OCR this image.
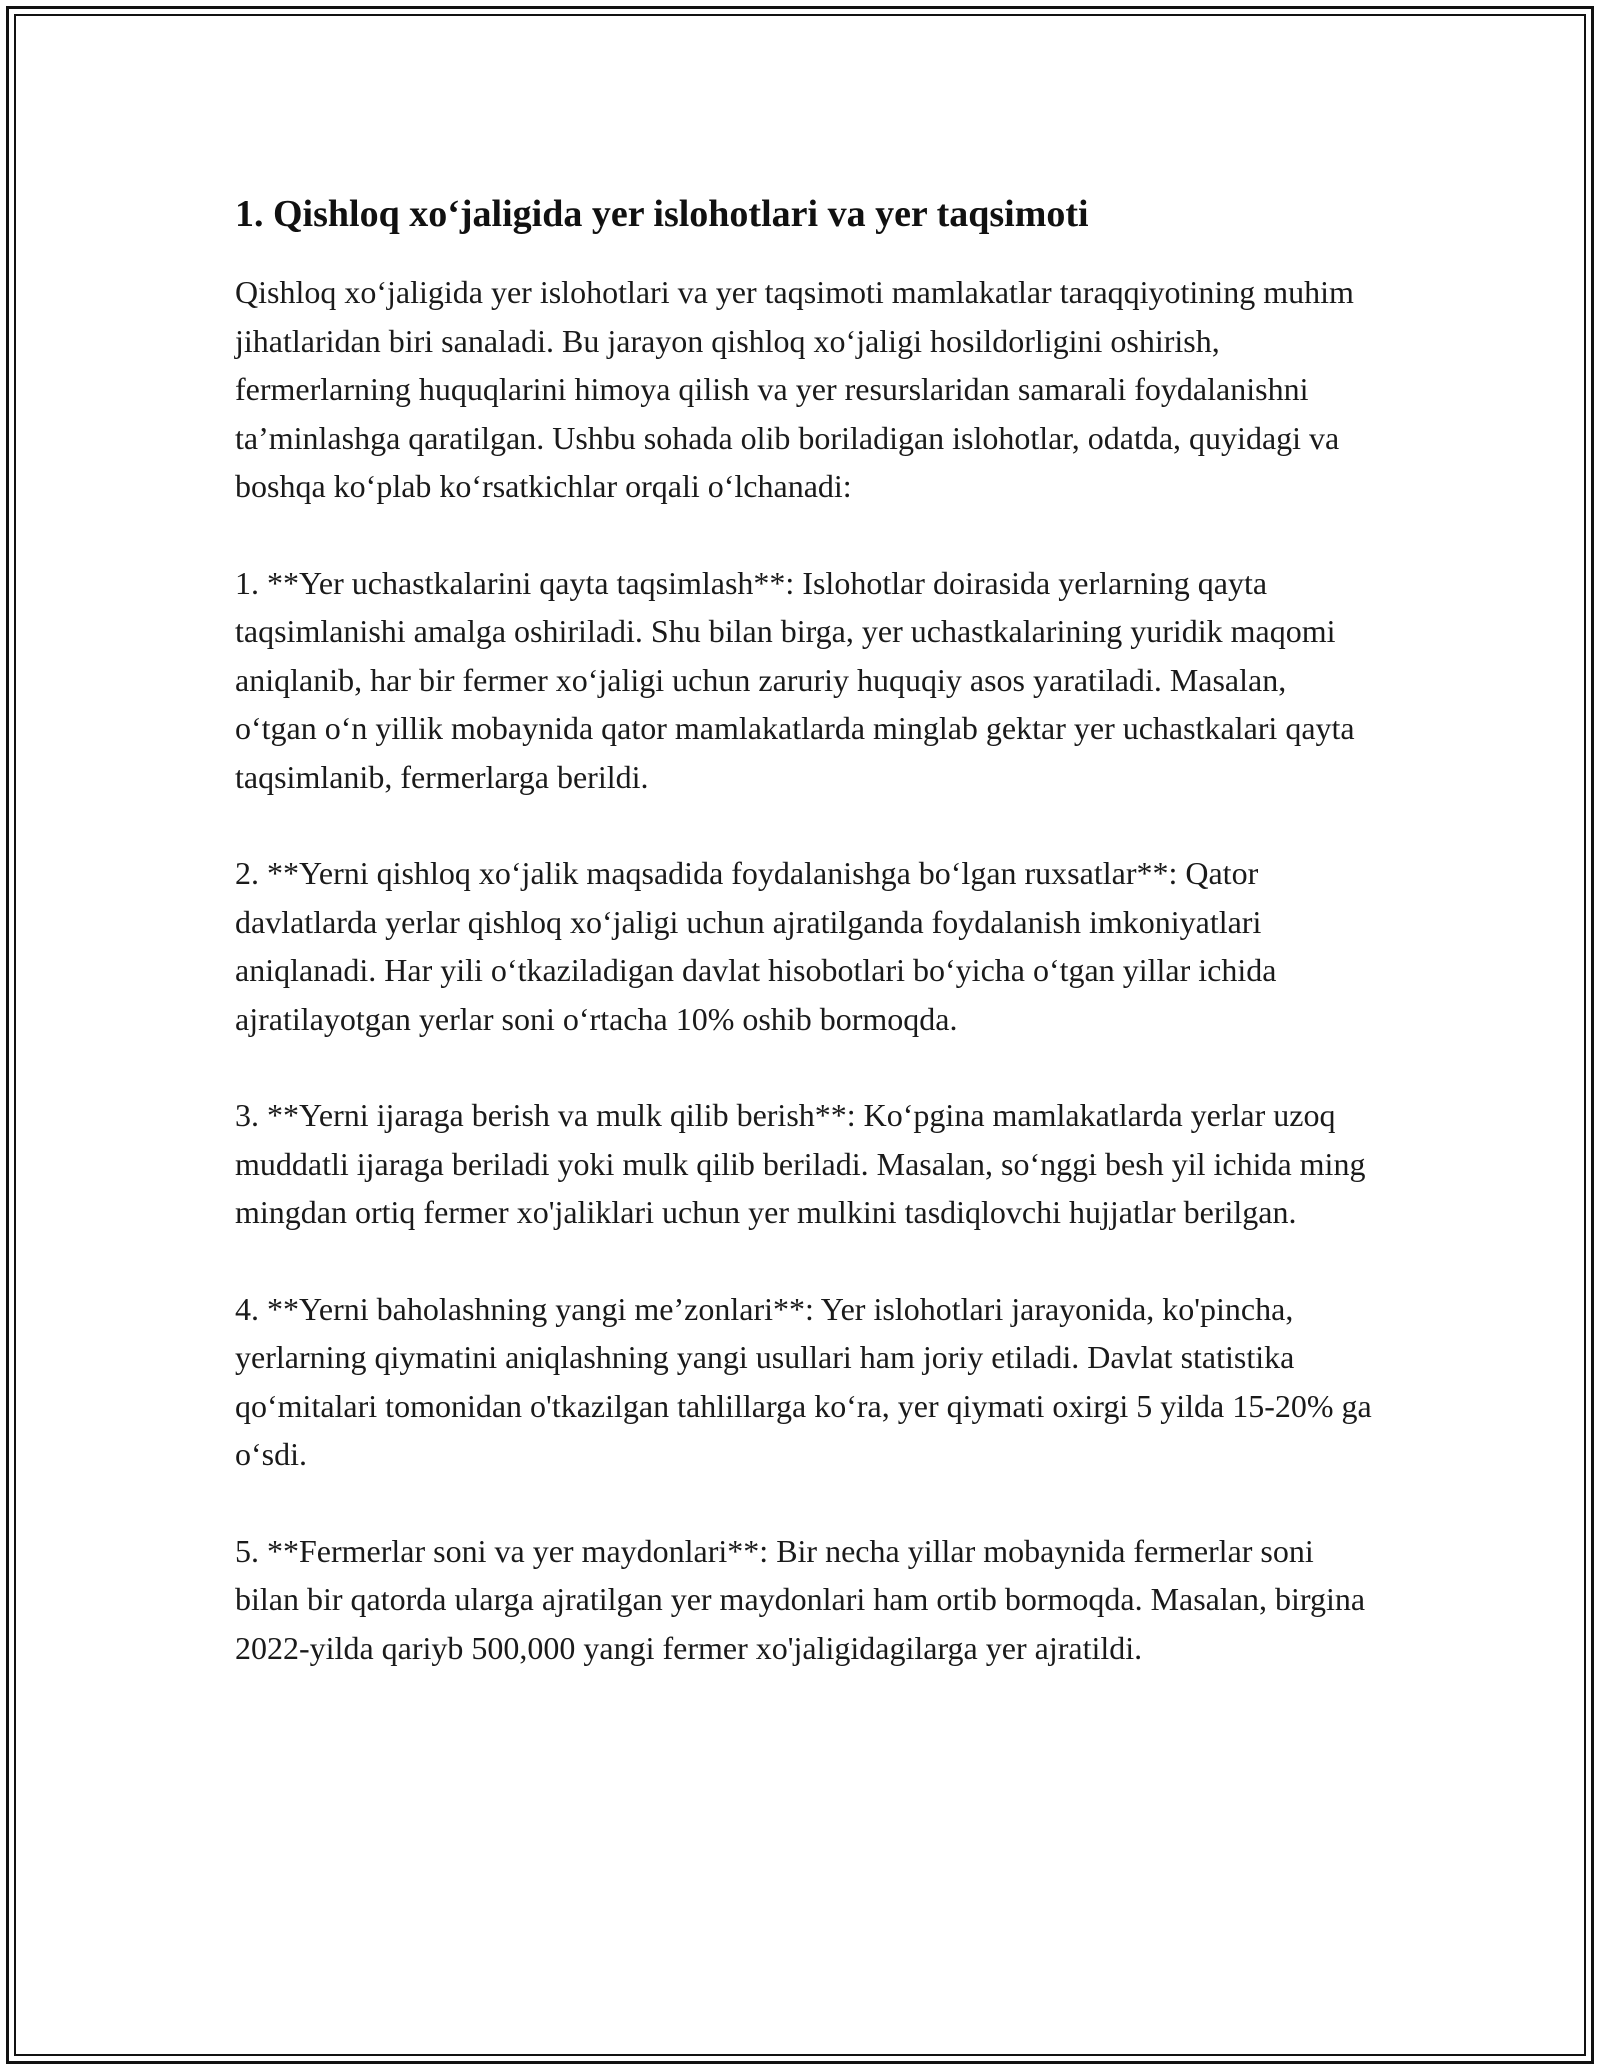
1. Qishloq xo‘jaligida yer islohotlari va yer taqsimoti

Qishloq xo‘jaligida yer islohotlari va yer taqsimoti mamlakatlar taraqqiyotining muhim jihatlaridan biri sanaladi. Bu jarayon qishloq xo‘jaligi hosildorligini oshirish, fermerlarning huquqlarini himoya qilish va yer resurslaridan samarali foydalanishni ta’minlashga qaratilgan. Ushbu sohada olib boriladigan islohotlar, odatda, quyidagi va boshqa ko‘plab ko‘rsatkichlar orqali o‘lchanadi:

1. **Yer uchastkalarini qayta taqsimlash**: Islohotlar doirasida yerlarning qayta taqsimlanishi amalga oshiriladi. Shu bilan birga, yer uchastkalarining yuridik maqomi aniqlanib, har bir fermer xo‘jaligi uchun zaruriy huquqiy asos yaratiladi. Masalan, o‘tgan o‘n yillik mobaynida qator mamlakatlarda minglab gektar yer uchastkalari qayta taqsimlanib, fermerlarga berildi.

2. **Yerni qishloq xo‘jalik maqsadida foydalanishga bo‘lgan ruxsatlar**: Qator davlatlarda yerlar qishloq xo‘jaligi uchun ajratilganda foydalanish imkoniyatlari aniqlanadi. Har yili o‘tkaziladigan davlat hisobotlari bo‘yicha o‘tgan yillar ichida ajratilayotgan yerlar soni o‘rtacha 10% oshib bormoqda.

3. **Yerni ijaraga berish va mulk qilib berish**: Ko‘pgina mamlakatlarda yerlar uzoq muddatli ijaraga beriladi yoki mulk qilib beriladi. Masalan, so‘nggi besh yil ichida ming mingdan ortiq fermer xo'jaliklari uchun yer mulkini tasdiqlovchi hujjatlar berilgan.

4. **Yerni baholashning yangi me’zonlari**: Yer islohotlari jarayonida, ko'pincha, yerlarning qiymatini aniqlashning yangi usullari ham joriy etiladi. Davlat statistika qo‘mitalari tomonidan o'tkazilgan tahlillarga ko‘ra, yer qiymati oxirgi 5 yilda 15-20% ga o‘sdi.

5. **Fermerlar soni va yer maydonlari**: Bir necha yillar mobaynida fermerlar soni bilan bir qatorda ularga ajratilgan yer maydonlari ham ortib bormoqda. Masalan, birgina 2022-yilda qariyb 500,000 yangi fermer xo'jaligidagilarga yer ajratildi.
